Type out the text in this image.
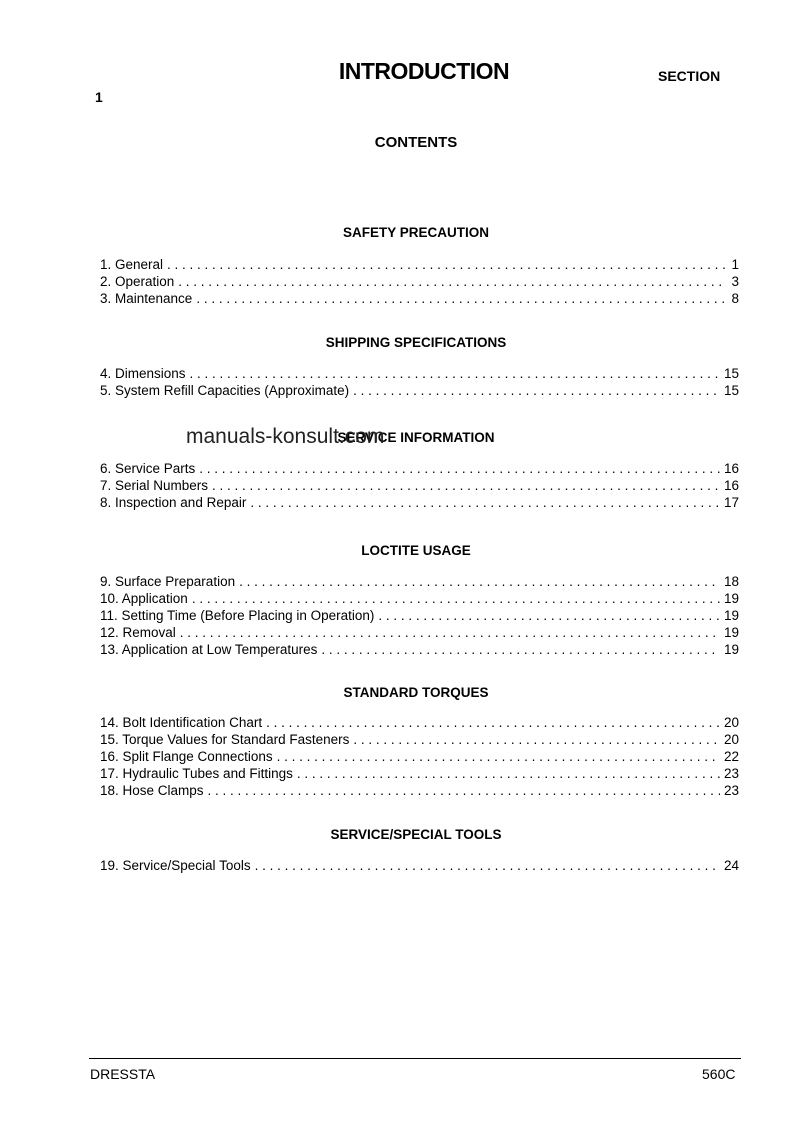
INTRODUCTION	SECTION
1
CONTENTS
SAFETY PRECAUTION
1. General . . .	1
2. Operation . . .	3
3. Maintenance . . .	8
SHIPPING SPECIFICATIONS
4. Dimensions . . .	15
5. System Refill Capacities (Approximate) . . .	15
SERVICE INFORMATION
6. Service Parts . . .	16
7. Serial Numbers . . .	16
8. Inspection and Repair . . .	17
LOCTITE USAGE
9. Surface Preparation . . .	18
10. Application . . .	19
11. Setting Time (Before Placing in Operation) . . .	19
12. Removal . . .	19
13. Application at Low Temperatures . . .	19
STANDARD TORQUES
14. Bolt Identification Chart . . .	20
15. Torque Values for Standard Fasteners . . .	20
16. Split Flange Connections . . .	22
17. Hydraulic Tubes and Fittings . . .	23
18. Hose Clamps . . .	23
SERVICE/SPECIAL TOOLS
19. Service/Special Tools . . .	24
manuals-konsult.com
DRESSTA	560C
